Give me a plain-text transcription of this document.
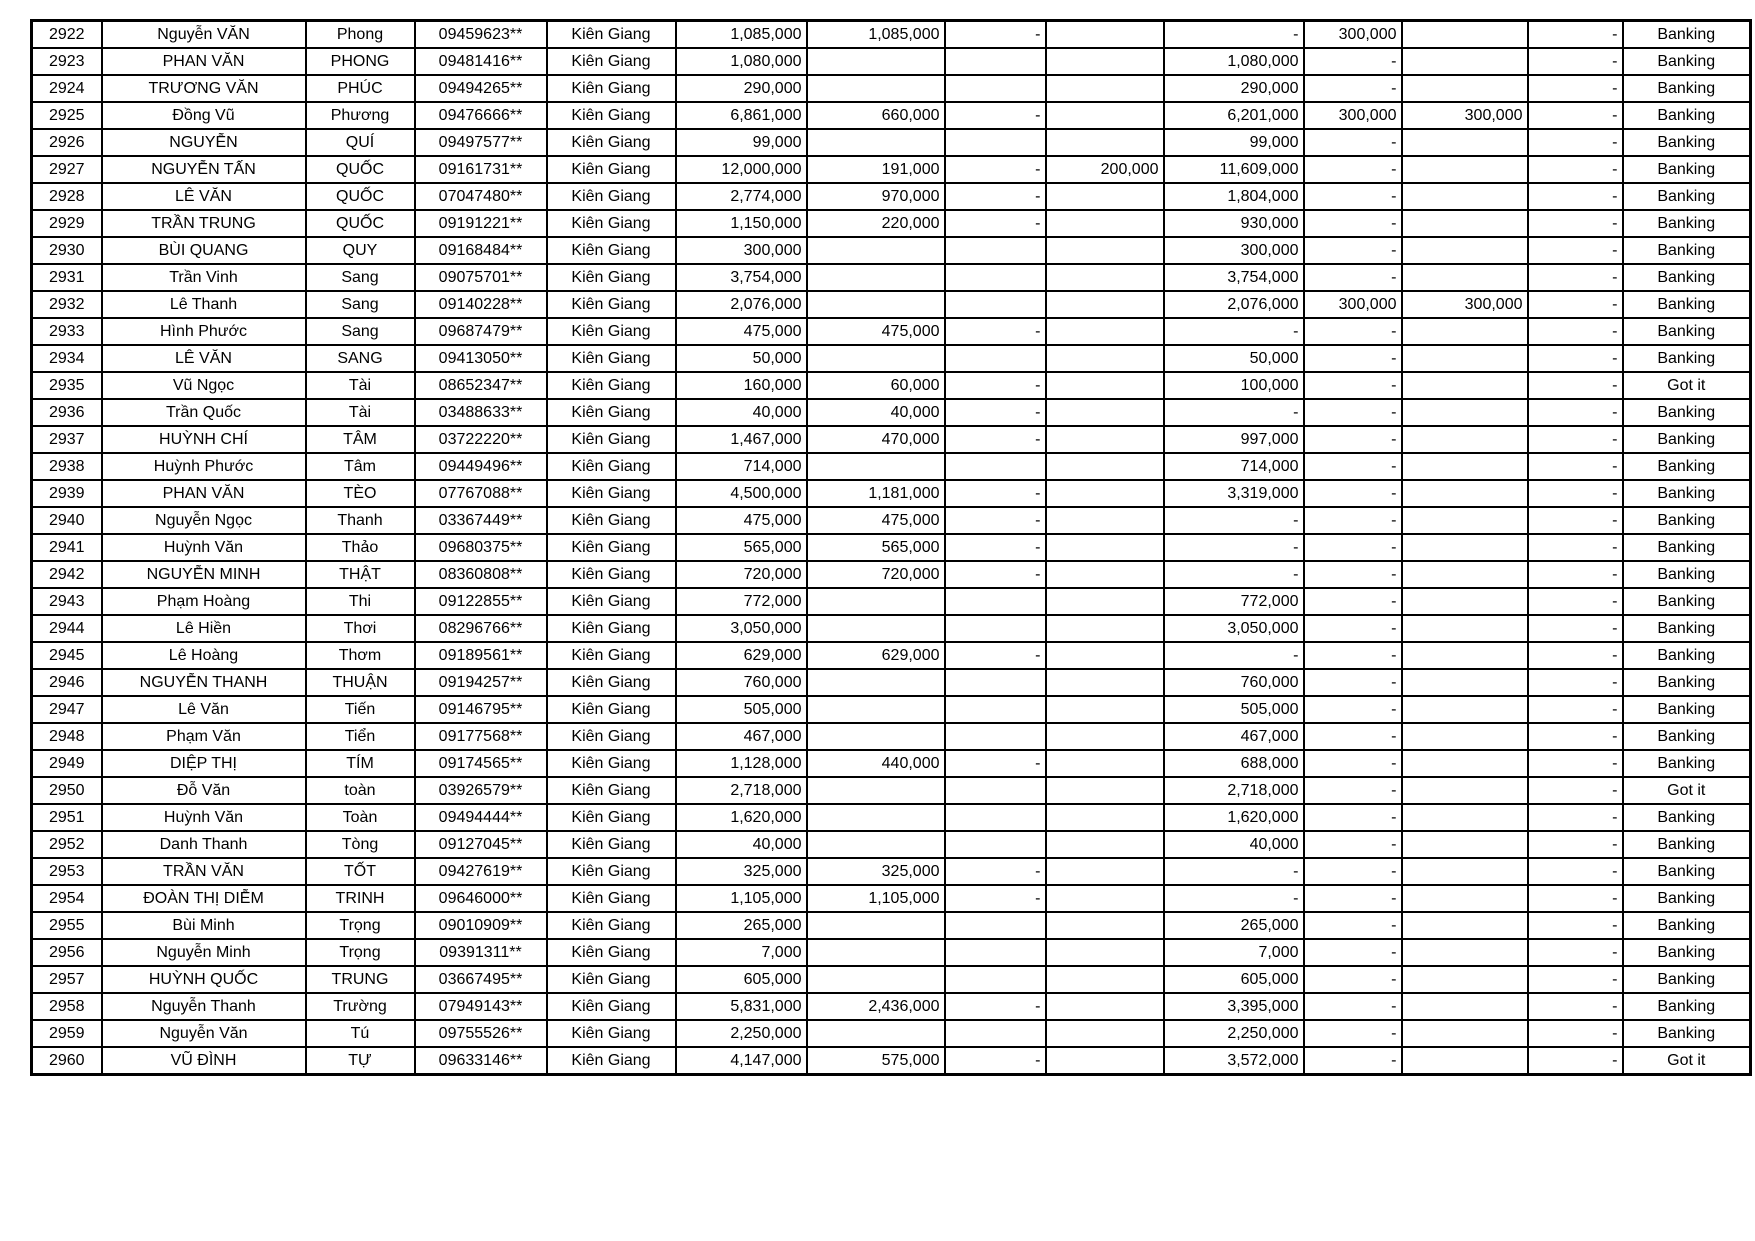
2922	Nguyễn VĂN	Phong	09459623**	Kiên Giang	1,085,000	1,085,000	-		-	300,000		-	Banking
2923	PHAN VĂN	PHONG	09481416**	Kiên Giang	1,080,000				1,080,000	-		-	Banking
2924	TRƯƠNG VĂN	PHÚC	09494265**	Kiên Giang	290,000				290,000	-		-	Banking
2925	Đồng Vũ	Phương	09476666**	Kiên Giang	6,861,000	660,000	-		6,201,000	300,000	300,000	-	Banking
2926	NGUYỄN	QUÍ	09497577**	Kiên Giang	99,000				99,000	-		-	Banking
2927	NGUYỄN TẤN	QUỐC	09161731**	Kiên Giang	12,000,000	191,000	-	200,000	11,609,000	-		-	Banking
2928	LÊ VĂN	QUỐC	07047480**	Kiên Giang	2,774,000	970,000	-		1,804,000	-		-	Banking
2929	TRẦN TRUNG	QUỐC	09191221**	Kiên Giang	1,150,000	220,000	-		930,000	-		-	Banking
2930	BÙI QUANG	QUY	09168484**	Kiên Giang	300,000				300,000	-		-	Banking
2931	Trần Vinh	Sang	09075701**	Kiên Giang	3,754,000				3,754,000	-		-	Banking
2932	Lê Thanh	Sang	09140228**	Kiên Giang	2,076,000				2,076,000	300,000	300,000	-	Banking
2933	Hình Phước	Sang	09687479**	Kiên Giang	475,000	475,000	-		-	-		-	Banking
2934	LÊ VĂN	SANG	09413050**	Kiên Giang	50,000				50,000	-		-	Banking
2935	Vũ Ngọc	Tài	08652347**	Kiên Giang	160,000	60,000	-		100,000	-		-	Got it
2936	Trần Quốc	Tài	03488633**	Kiên Giang	40,000	40,000	-		-	-		-	Banking
2937	HUỲNH CHÍ	TÂM	03722220**	Kiên Giang	1,467,000	470,000	-		997,000	-		-	Banking
2938	Huỳnh Phước	Tâm	09449496**	Kiên Giang	714,000				714,000	-		-	Banking
2939	PHAN VĂN	TÈO	07767088**	Kiên Giang	4,500,000	1,181,000	-		3,319,000	-		-	Banking
2940	Nguyễn Ngọc	Thanh	03367449**	Kiên Giang	475,000	475,000	-		-	-		-	Banking
2941	Huỳnh Văn	Thảo	09680375**	Kiên Giang	565,000	565,000	-		-	-		-	Banking
2942	NGUYỄN MINH	THẬT	08360808**	Kiên Giang	720,000	720,000	-		-	-		-	Banking
2943	Phạm Hoàng	Thi	09122855**	Kiên Giang	772,000				772,000	-		-	Banking
2944	Lê Hiền	Thơi	08296766**	Kiên Giang	3,050,000				3,050,000	-		-	Banking
2945	Lê Hoàng	Thơm	09189561**	Kiên Giang	629,000	629,000	-		-	-		-	Banking
2946	NGUYỄN THANH	THUẬN	09194257**	Kiên Giang	760,000				760,000	-		-	Banking
2947	Lê Văn	Tiến	09146795**	Kiên Giang	505,000				505,000	-		-	Banking
2948	Phạm Văn	Tiển	09177568**	Kiên Giang	467,000				467,000	-		-	Banking
2949	DIỆP THỊ	TÍM	09174565**	Kiên Giang	1,128,000	440,000	-		688,000	-		-	Banking
2950	Đỗ Văn	toàn	03926579**	Kiên Giang	2,718,000				2,718,000	-		-	Got it
2951	Huỳnh Văn	Toàn	09494444**	Kiên Giang	1,620,000				1,620,000	-		-	Banking
2952	Danh Thanh	Tòng	09127045**	Kiên Giang	40,000				40,000	-		-	Banking
2953	TRẦN VĂN	TỐT	09427619**	Kiên Giang	325,000	325,000	-		-	-		-	Banking
2954	ĐOÀN THỊ DIỄM	TRINH	09646000**	Kiên Giang	1,105,000	1,105,000	-		-	-		-	Banking
2955	Bùi Minh	Trọng	09010909**	Kiên Giang	265,000				265,000	-		-	Banking
2956	Nguyễn Minh	Trọng	09391311**	Kiên Giang	7,000				7,000	-		-	Banking
2957	HUỲNH QUỐC	TRUNG	03667495**	Kiên Giang	605,000				605,000	-		-	Banking
2958	Nguyễn Thanh	Trường	07949143**	Kiên Giang	5,831,000	2,436,000	-		3,395,000	-		-	Banking
2959	Nguyễn Văn	Tú	09755526**	Kiên Giang	2,250,000				2,250,000	-		-	Banking
2960	VŨ ĐÌNH	TỰ	09633146**	Kiên Giang	4,147,000	575,000	-		3,572,000	-		-	Got it
